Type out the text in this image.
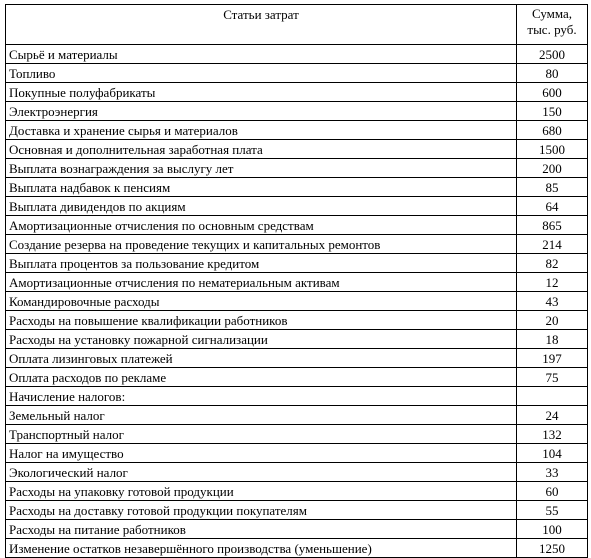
Статьи затрат	Сумма,
тыс. руб.

Сырьё и материалы	2500
Топливо	80
Покупные полуфабрикаты	600
Электроэнергия	150
Доставка и хранение сырья и материалов	680
Основная и дополнительная заработная плата	1500
Выплата вознаграждения за выслугу лет	200
Выплата надбавок к пенсиям	85
Выплата дивидендов по акциям	64
Амортизационные отчисления по основным средствам	865
Создание резерва на проведение текущих и капитальных ремонтов	214
Выплата процентов за пользование кредитом	82
Амортизационные отчисления по нематериальным активам	12
Командировочные расходы	43
Расходы на повышение квалификации работников	20
Расходы на установку пожарной сигнализации	18
Оплата лизинговых платежей	197
Оплата расходов по рекламе	75
Начисление налогов:	
Земельный налог	24
Транспортный налог	132
Налог на имущество	104
Экологический налог	33
Расходы на упаковку готовой продукции	60
Расходы на доставку готовой продукции покупателям	55
Расходы на питание работников	100
Изменение остатков незавершённого производства (уменьшение)	1250
